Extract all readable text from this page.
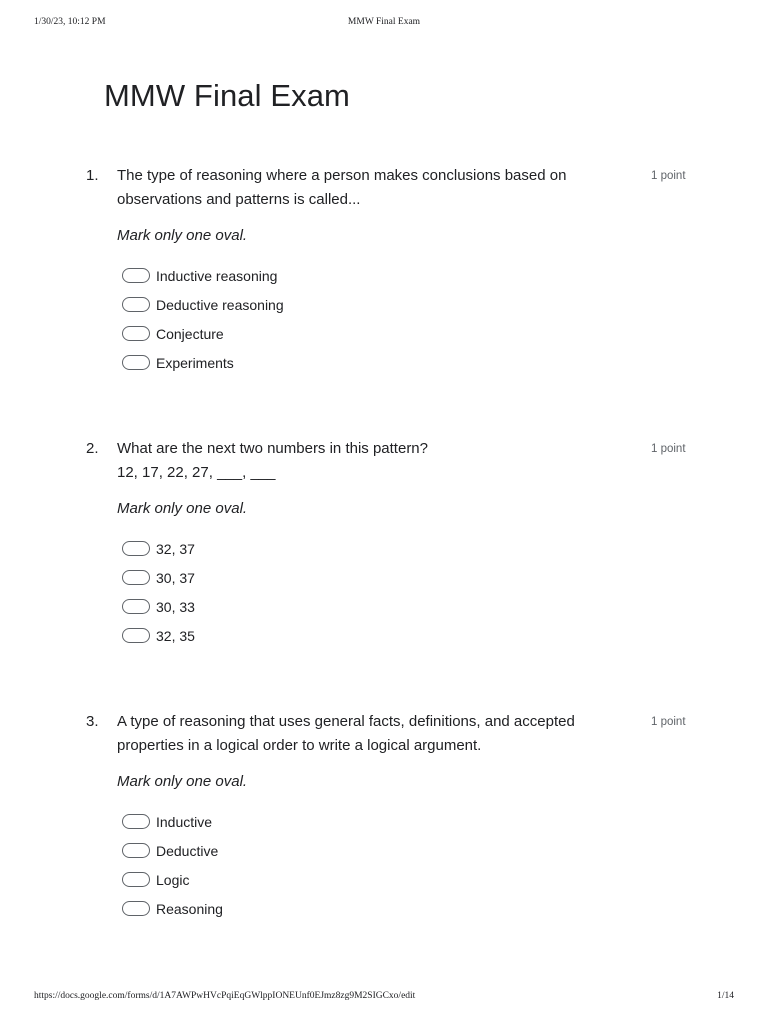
1/30/23, 10:12 PM	MMW Final Exam
MMW Final Exam
1. The type of reasoning where a person makes conclusions based on observations and patterns is called...
1 point
Mark only one oval.
Inductive reasoning
Deductive reasoning
Conjecture
Experiments
2. What are the next two numbers in this pattern?
12, 17, 22, 27, ___, ___
1 point
Mark only one oval.
32, 37
30, 37
30, 33
32, 35
3. A type of reasoning that uses general facts, definitions, and accepted properties in a logical order to write a logical argument.
1 point
Mark only one oval.
Inductive
Deductive
Logic
Reasoning
https://docs.google.com/forms/d/1A7AWPwHVcPqiEqGWlppIONEUnf0EJmz8zg9M2SIGCxo/edit	1/14
